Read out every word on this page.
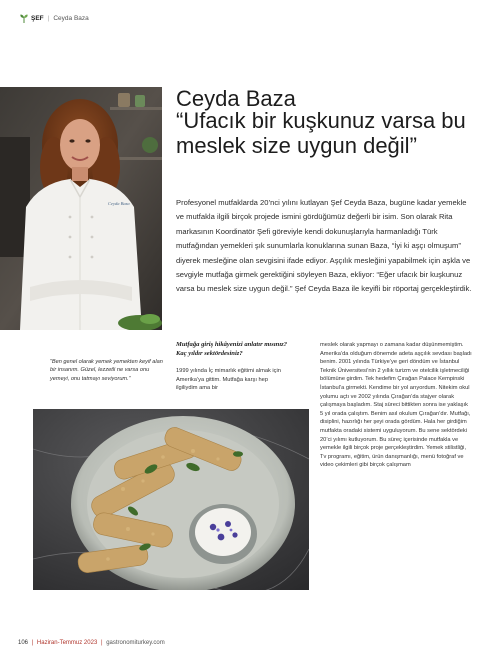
ŞEF | Ceyda Baza
Ceyda Baza
Ceyda Baza
“Ufacık bir kuşkunuz varsa bu meslek size uygun değil”

Profesyonel mutfaklarda 20’nci yılını kutlayan Şef Ceyda Baza, bugüne kadar yemekle ve mutfakla ilgili birçok projede ismini gördüğümüz değerli bir isim. Son olarak Rita markasının Koordinatör Şefi göreviyle kendi dokunuşlarıyla harmanladığı Türk mutfağından yemekleri şık sunumlarla konuklarına sunan Baza, “İyi ki aşçı olmuşum” diyerek mesleğine olan sevgisini ifade ediyor. Aşçılık mesleğini yapabilmek için aşkla ve sevgiyle mutfağa girmek gerektiğini söyleyen Baza, ekliyor: “Eğer ufacık bir kuşkunuz varsa bu meslek size uygun değil.” Şef Ceyda Baza ile keyifli bir röportaj gerçekleştirdik.

“Ben genel olarak yemek yemekten keyif alan bir insanım. Güzel, lezzetli ne varsa onu yemeyi, onu tatmayı seviyorum.”

Mutfağa giriş hikâyenizi anlatır mısınız? Kaç yıldır sektördesiniz?

1999 yılında İç mimarlık eğitimi almak için Amerika’ya gittim. Mutfağa karşı hep ilgiliydim ama bir

meslek olarak yapmayı o zamana kadar düşünmemiştim. Amerika’da olduğum dönemde adeta aşçılık sevdası başladı benim. 2001 yılında Türkiye’ye geri döndüm ve İstanbul Teknik Üniversitesi’nin 2 yıllık turizm ve otelcilik işletmeciliği bölümüne girdim. Tek hedefim Çırağan Palace Kempinski İstanbul’a girmekti. Kendime bir yol arıyordum. Nitekim okul yolumu açtı ve 2002 yılında Çırağan’da stajyer olarak çalışmaya başladım. Staj süreci bittikten sonra ise yaklaşık 5 yıl orada çalıştım. Benim asıl okulum Çırağan’dır. Mutfağı, disiplini, hazırlığı her şeyi orada gördüm. Hala her girdiğim mutfakta oradaki sistemi uyguluyorum. Bu sene sektördeki 20’ci yılımı kutluyorum. Bu süreç içerisinde mutfakla ve yemekle ilgili birçok proje gerçekleştirdim. Yemek stilistliği, Tv programı, eğitim, ürün danışmanlığı, menü fotoğraf ve video çekimleri gibi birçok çalışmam

106 | Haziran-Temmuz 2023 | gastronomiturkey.com
